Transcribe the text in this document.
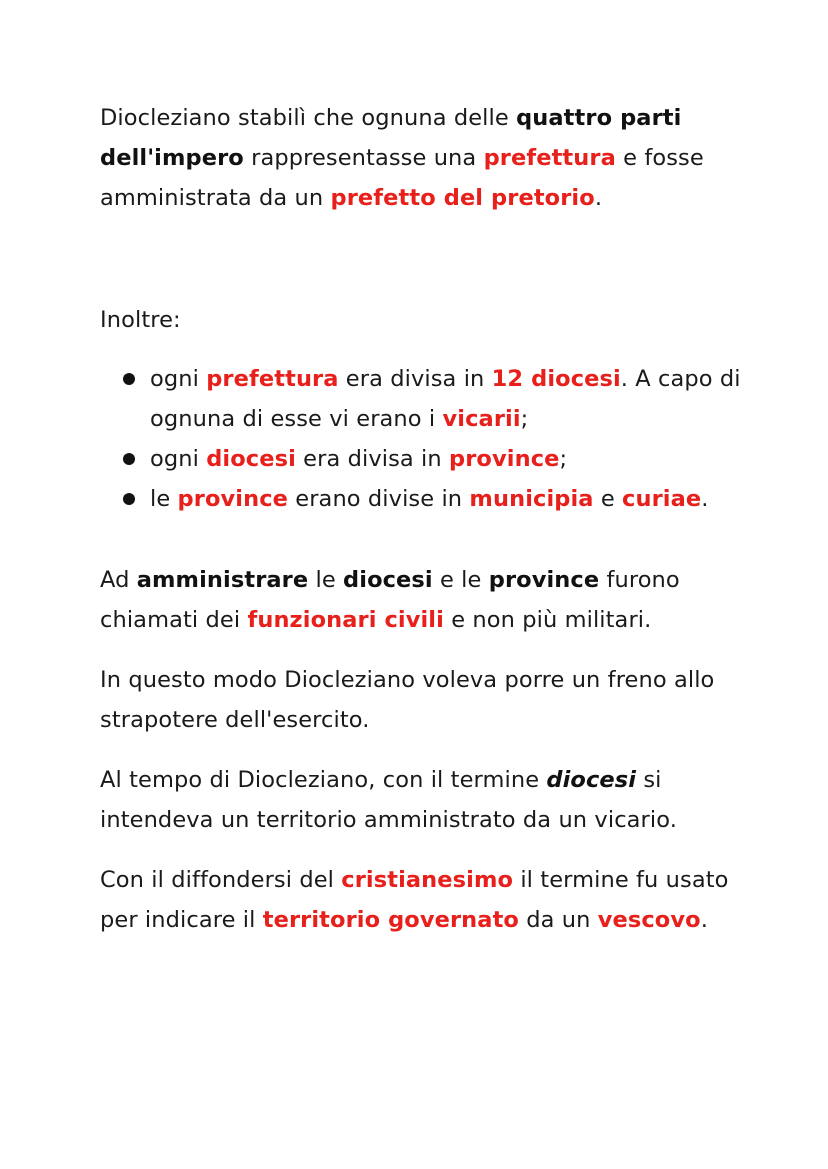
Diocleziano stabilì che ognuna delle quattro parti dell'impero rappresentasse una prefettura e fosse amministrata da un prefetto del pretorio.

Inoltre:

ogni prefettura era divisa in 12 diocesi. A capo di ognuna di esse vi erano i vicarii;
ogni diocesi era divisa in province;
le province erano divise in municipia e curiae.

Ad amministrare le diocesi e le province furono chiamati dei funzionari civili e non più militari.

In questo modo Diocleziano voleva porre un freno allo strapotere dell'esercito.

Al tempo di Diocleziano, con il termine diocesi si intendeva un territorio amministrato da un vicario.

Con il diffondersi del cristianesimo il termine fu usato per indicare il territorio governato da un vescovo.
